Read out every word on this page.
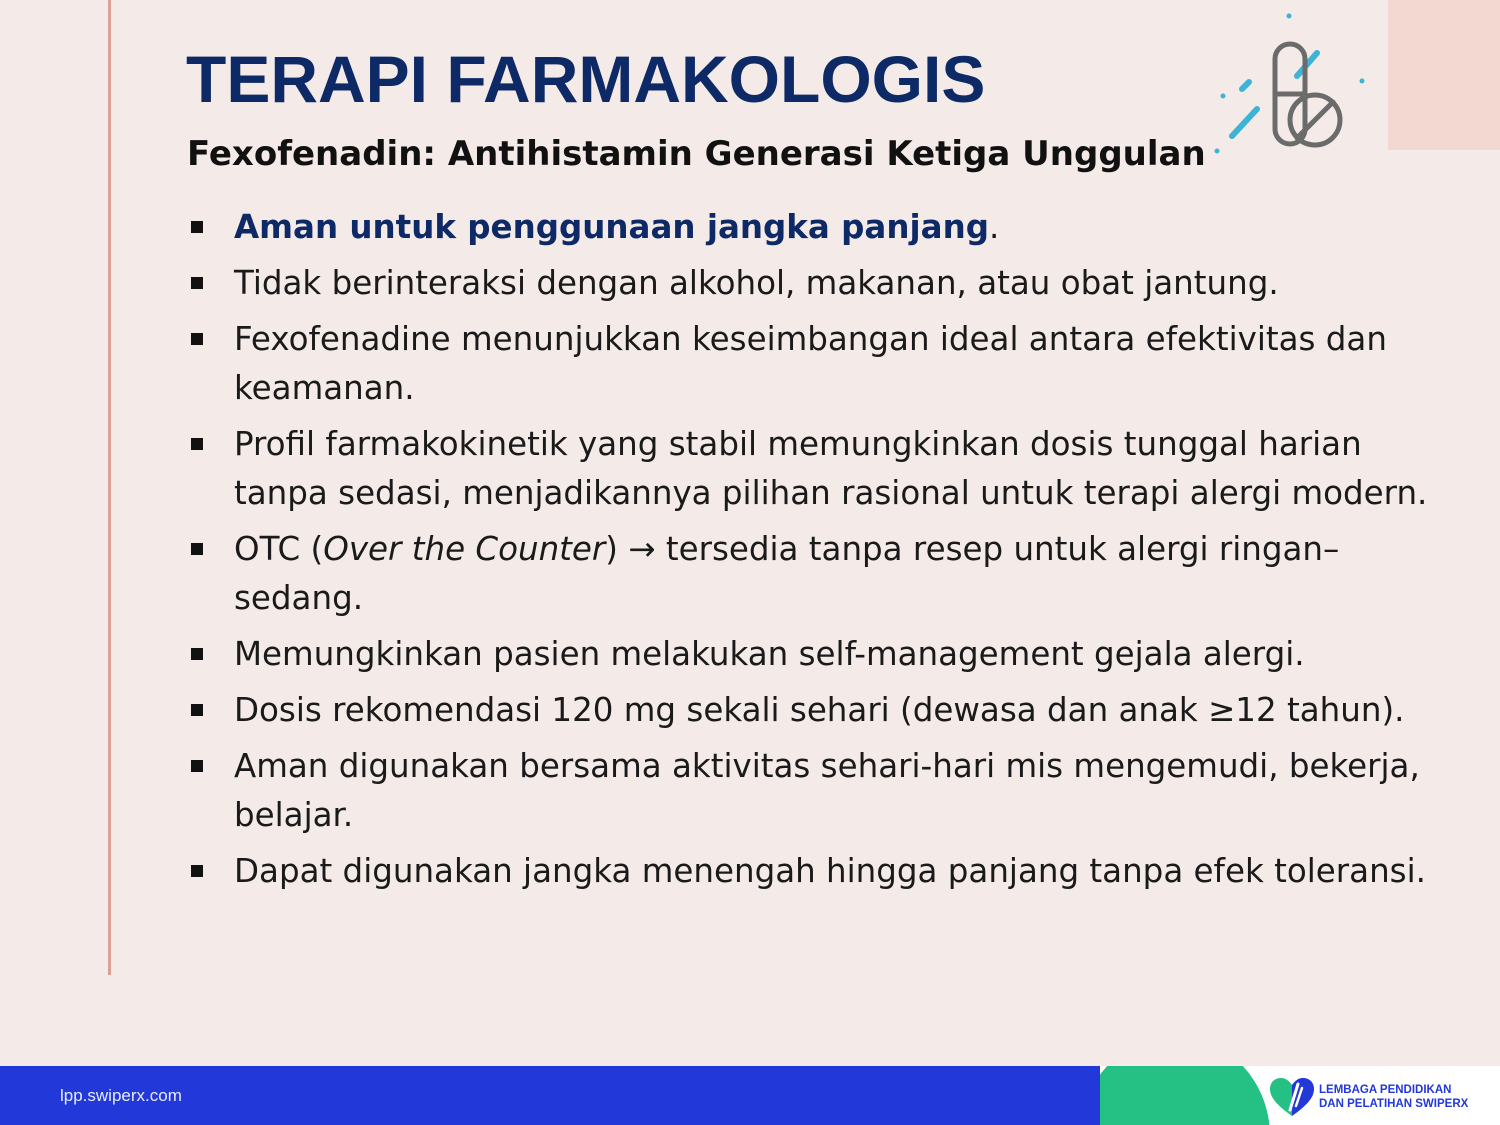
TERAPI FARMAKOLOGIS
Fexofenadin: Antihistamin Generasi Ketiga Unggulan
Aman untuk penggunaan jangka panjang.
Tidak berinteraksi dengan alkohol, makanan, atau obat jantung.
Fexofenadine menunjukkan keseimbangan ideal antara efektivitas dan keamanan.
Profil farmakokinetik yang stabil memungkinkan dosis tunggal harian tanpa sedasi, menjadikannya pilihan rasional untuk terapi alergi modern.
OTC (Over the Counter) → tersedia tanpa resep untuk alergi ringan–sedang.
Memungkinkan pasien melakukan self-management gejala alergi.
Dosis rekomendasi 120 mg sekali sehari (dewasa dan anak ≥12 tahun).
Aman digunakan bersama aktivitas sehari-hari mis mengemudi, bekerja, belajar.
Dapat digunakan jangka menengah hingga panjang tanpa efek toleransi.
lpp.swiperx.com	LEMBAGA PENDIDIKAN
DAN PELATIHAN SWIPERX
